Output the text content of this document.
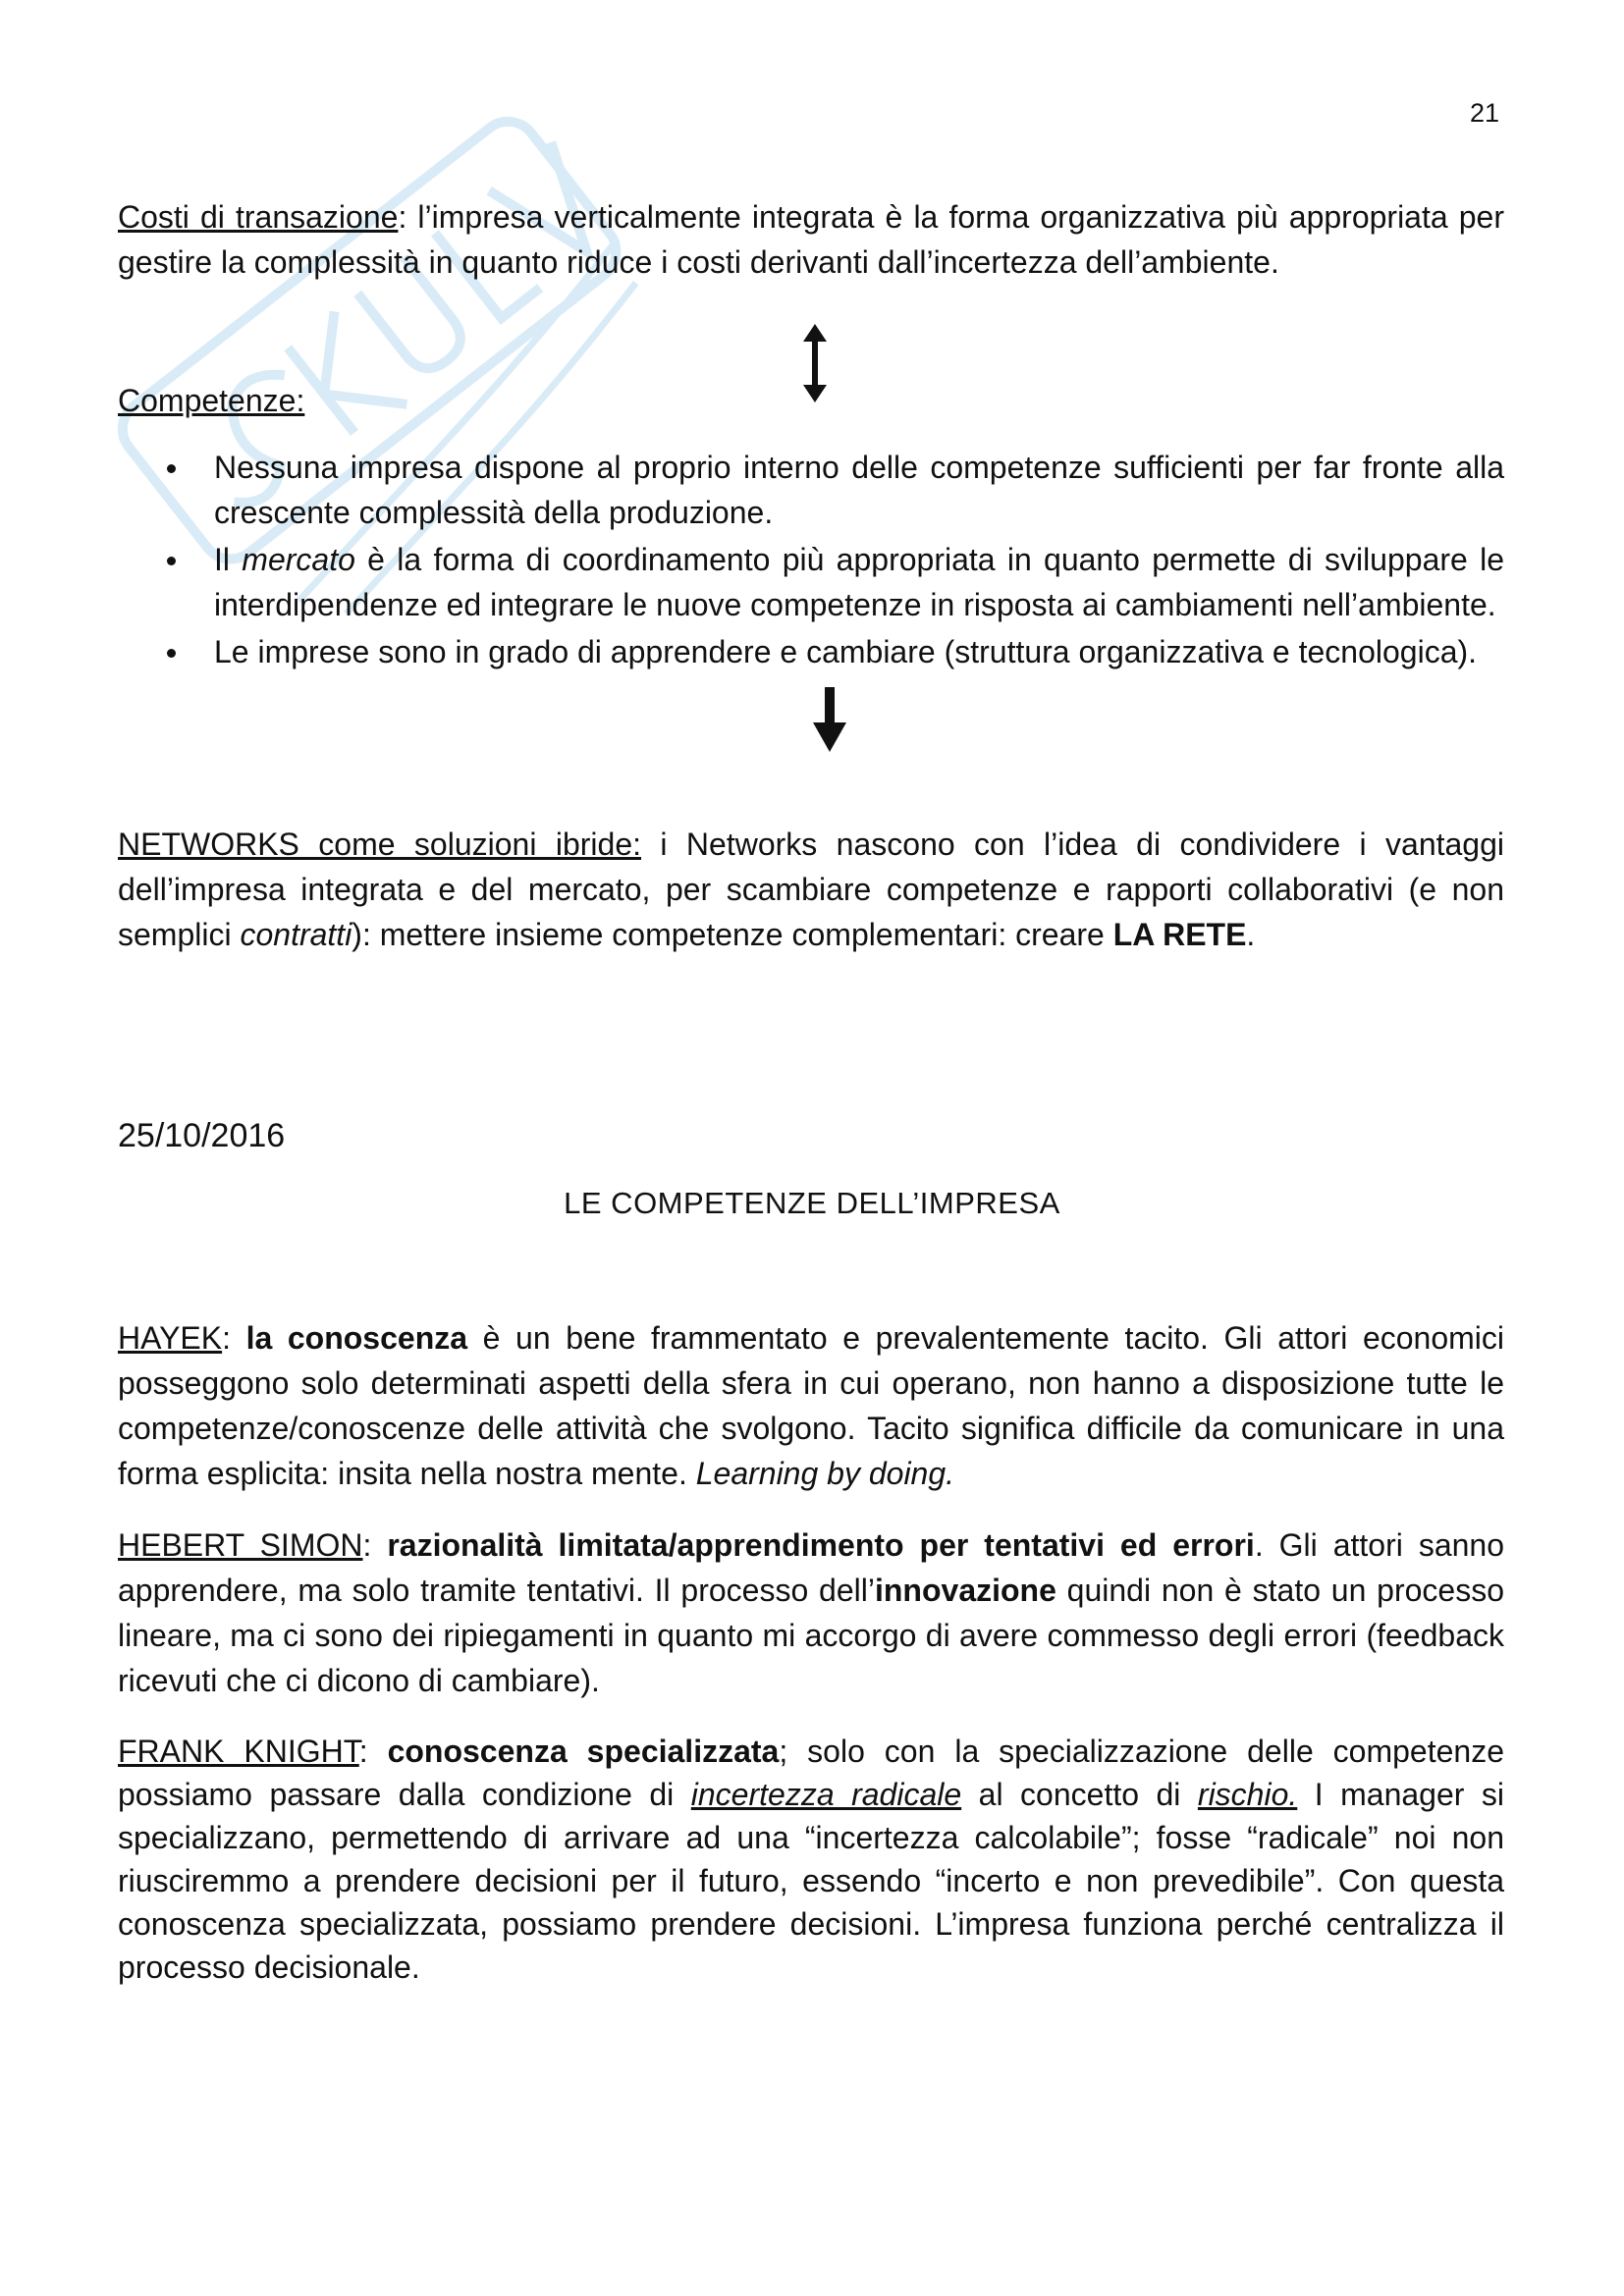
21

Costi di transazione: l’impresa verticalmente integrata è la forma organizzativa più appropriata per gestire la complessità in quanto riduce i costi derivanti dall’incertezza dell’ambiente.

Competenze:

Nessuna impresa dispone al proprio interno delle competenze sufficienti per far fronte alla crescente complessità della produzione.
Il mercato è la forma di coordinamento più appropriata in quanto permette di sviluppare le interdipendenze ed integrare le nuove competenze in risposta ai cambiamenti nell’ambiente.
Le imprese sono in grado di apprendere e cambiare (struttura organizzativa e tecnologica).

NETWORKS come soluzioni ibride: i Networks nascono con l’idea di condividere i vantaggi dell’impresa integrata e del mercato, per scambiare competenze e rapporti collaborativi (e non semplici contratti): mettere insieme competenze complementari: creare LA RETE.

25/10/2016
LE COMPETENZE DELL’IMPRESA

HAYEK: la conoscenza è un bene frammentato e prevalentemente tacito. Gli attori economici posseggono solo determinati aspetti della sfera in cui operano, non hanno a disposizione tutte le competenze/conoscenze delle attività che svolgono. Tacito significa difficile da comunicare in una forma esplicita: insita nella nostra mente. Learning by doing.

HEBERT SIMON: razionalità limitata/apprendimento per tentativi ed errori. Gli attori sanno apprendere, ma solo tramite tentativi. Il processo dell’innovazione quindi non è stato un processo lineare, ma ci sono dei ripiegamenti in quanto mi accorgo di avere commesso degli errori (feedback ricevuti che ci dicono di cambiare).

FRANK KNIGHT: conoscenza specializzata; solo con la specializzazione delle competenze possiamo passare dalla condizione di incertezza radicale al concetto di rischio. I manager si specializzano, permettendo di arrivare ad una “incertezza calcolabile”; fosse “radicale” noi non riusciremmo a prendere decisioni per il futuro, essendo “incerto e non prevedibile”. Con questa conoscenza specializzata, possiamo prendere decisioni. L’impresa funziona perché centralizza il processo decisionale.
